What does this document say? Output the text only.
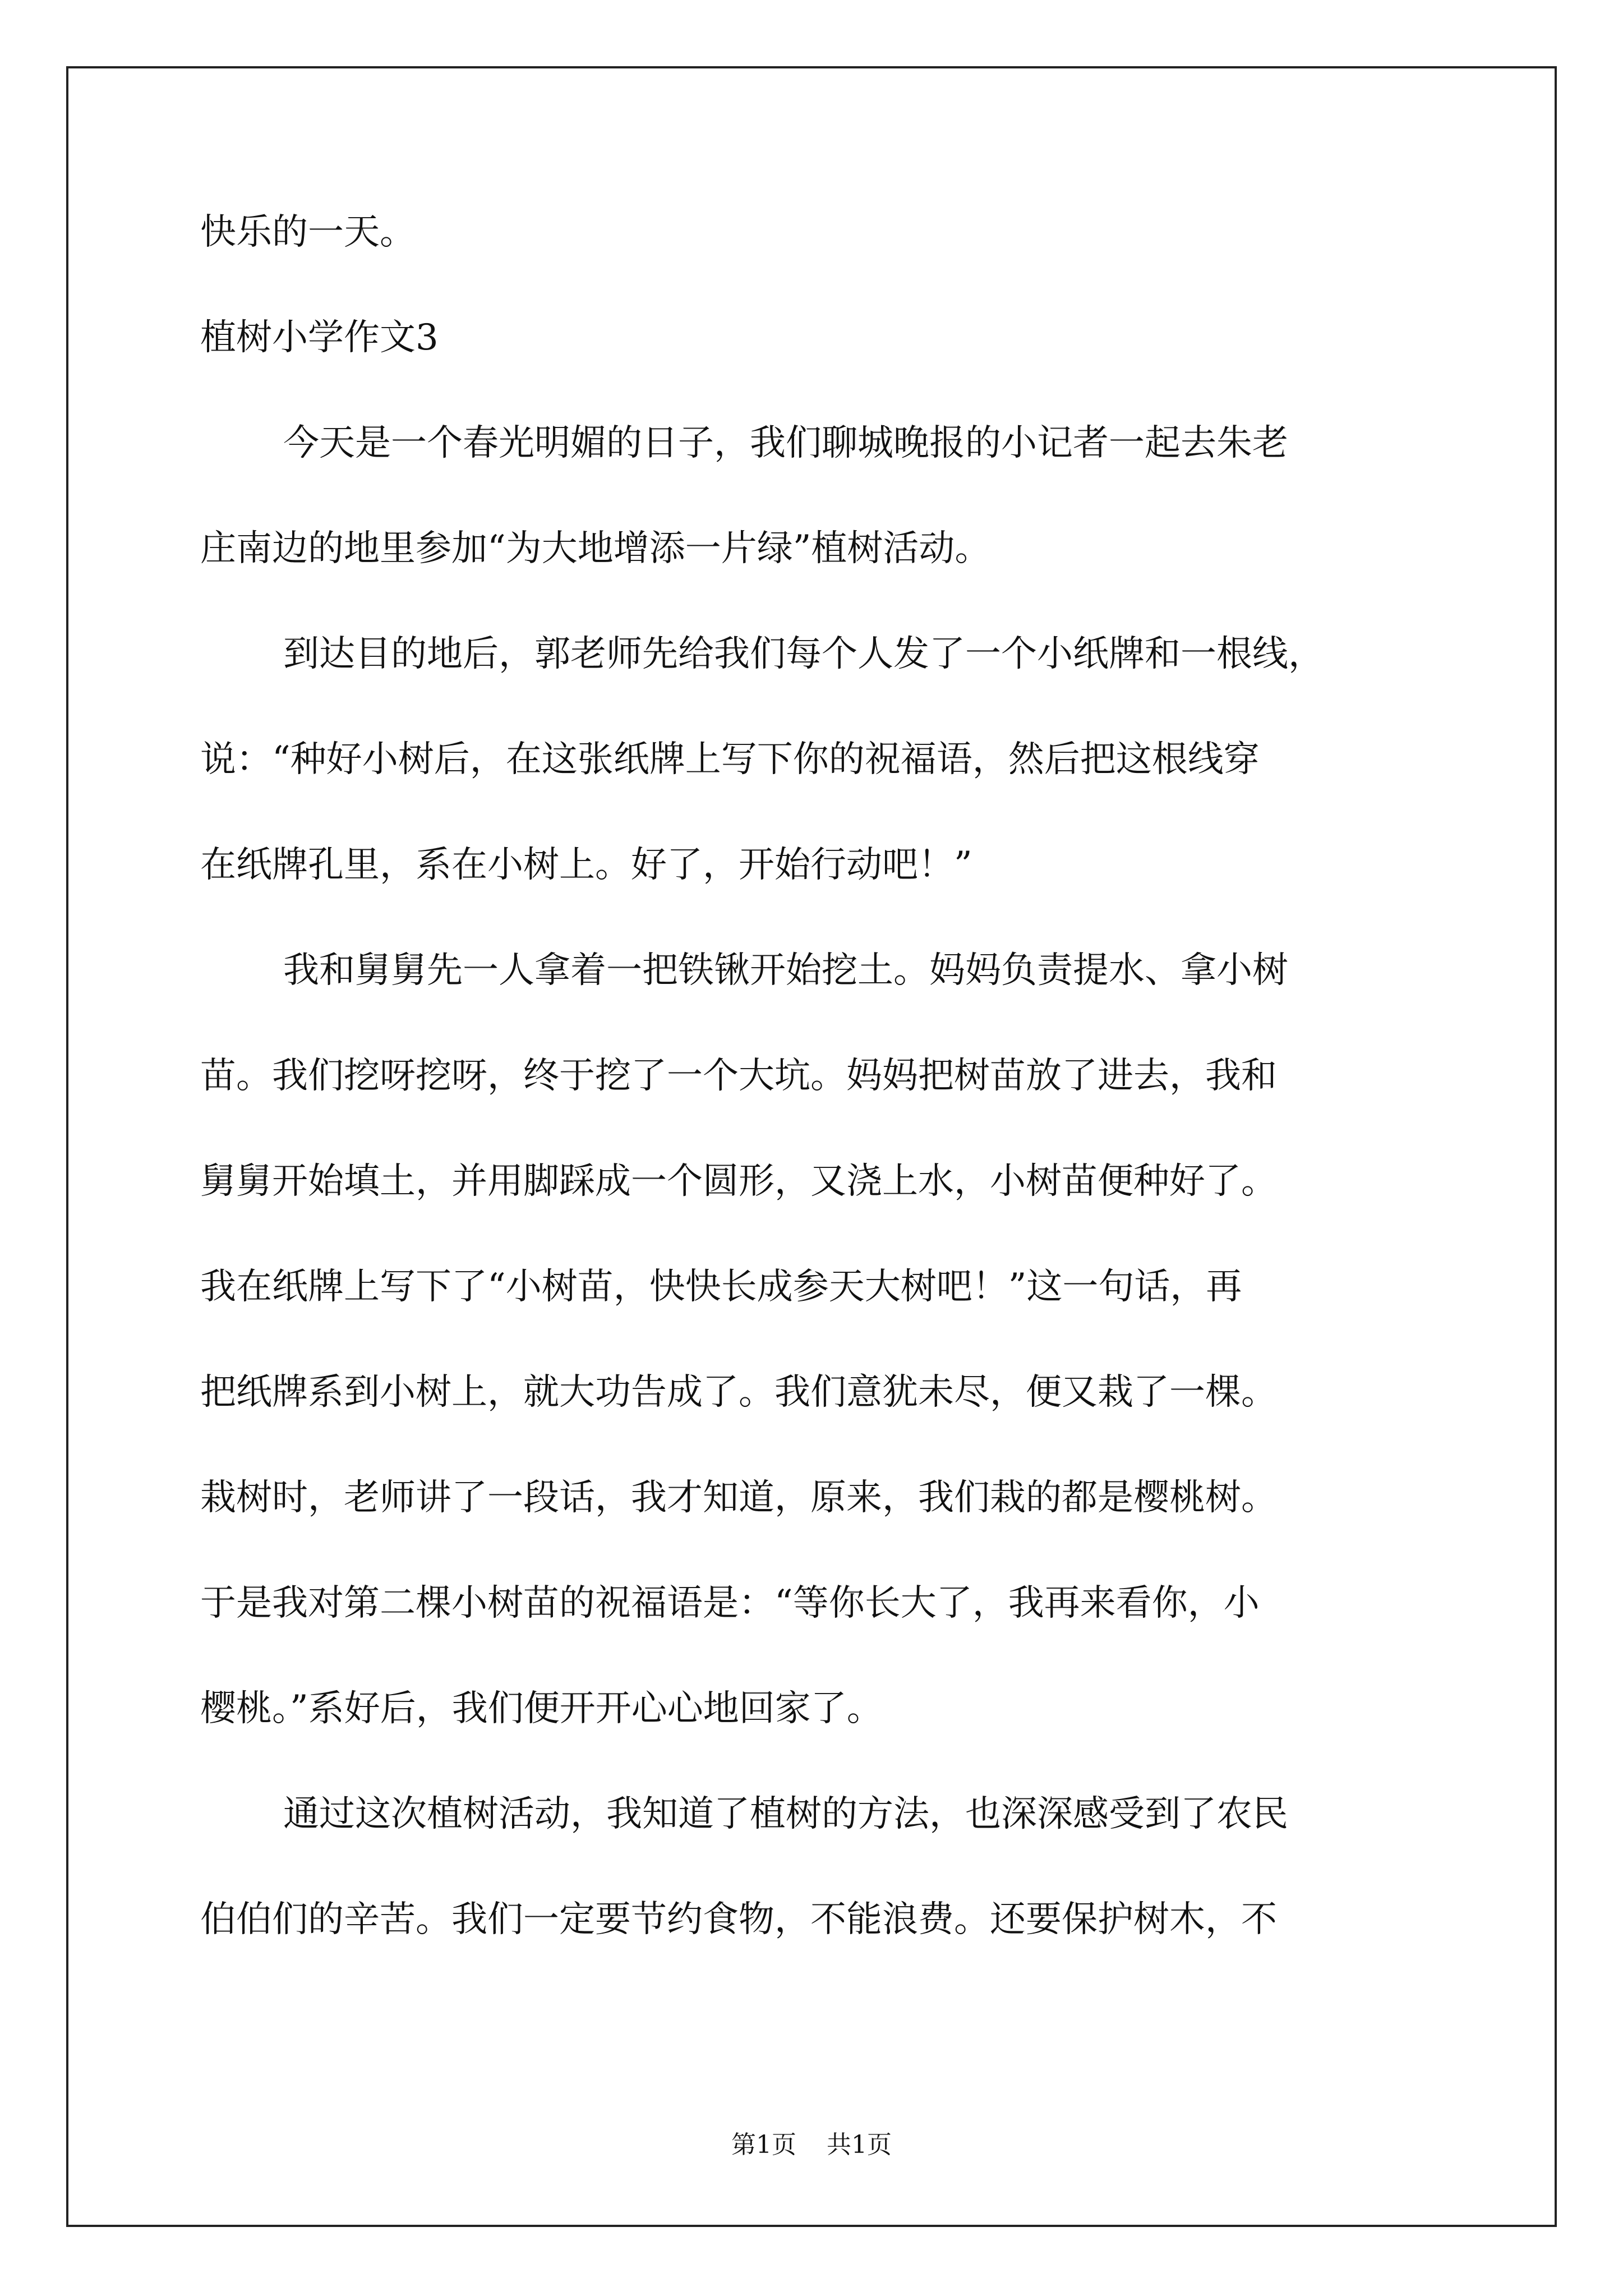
快乐的一天。
植树小学作文3
今天是一个春光明媚的日子，我们聊城晚报的小记者一起去朱老
庄南边的地里参加“为大地增添一片绿”植树活动。
到达目的地后，郭老师先给我们每个人发了一个小纸牌和一根线，
说：“种好小树后，在这张纸牌上写下你的祝福语，然后把这根线穿
在纸牌孔里，系在小树上。好了，开始行动吧！”
我和舅舅先一人拿着一把铁锹开始挖土。妈妈负责提水、拿小树
苗。我们挖呀挖呀，终于挖了一个大坑。妈妈把树苗放了进去，我和
舅舅开始填土，并用脚踩成一个圆形，又浇上水，小树苗便种好了。
我在纸牌上写下了“小树苗，快快长成参天大树吧！”这一句话，再
把纸牌系到小树上，就大功告成了。我们意犹未尽，便又栽了一棵。
栽树时，老师讲了一段话，我才知道，原来，我们栽的都是樱桃树。
于是我对第二棵小树苗的祝福语是：“等你长大了，我再来看你，小
樱桃。”系好后，我们便开开心心地回家了。
通过这次植树活动，我知道了植树的方法，也深深感受到了农民
伯伯们的辛苦。我们一定要节约食物，不能浪费。还要保护树木，不
第1页 共1页
